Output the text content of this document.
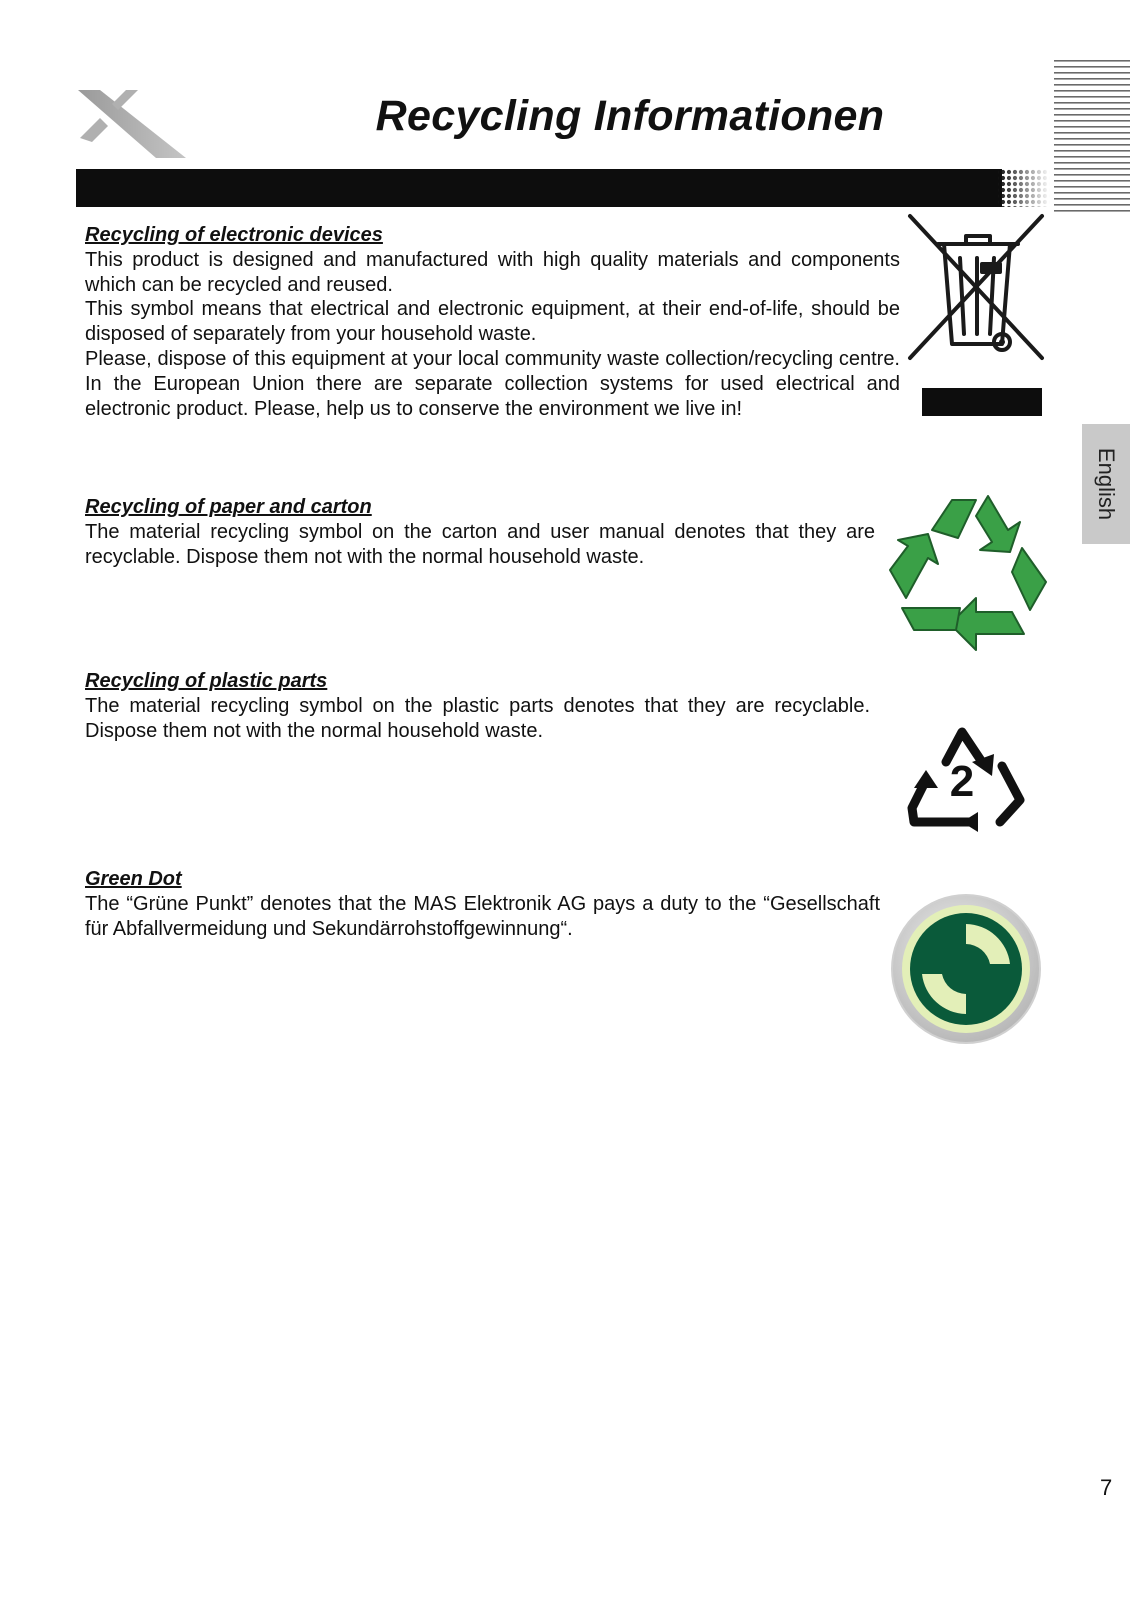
Recycling Informationen
English
Recycling of electronic devices

This product is designed and manufactured with high quality materials and components which can be recycled and reused.

This symbol means that electrical and electronic equipment, at their end-of-life, should be disposed of separately from your household waste.

Please, dispose of this equipment at your local community waste collection/recycling centre. In the European Union there are separate collection systems for used electrical and electronic product. Please, help us to conserve the environment we live in!

Recycling of paper and carton

The material recycling symbol on the carton and user manual denotes that they are recyclable. Dispose them not with the normal household waste.

Recycling of plastic parts

The material recycling symbol on the plastic parts denotes that they are recyclable. Dispose them not with the normal household waste.

2
Green Dot

The “Grüne Punkt” denotes that the MAS Elektronik AG pays a duty to the “Gesellschaft für Abfallvermeidung und Sekundärrohstoffgewinnung“.

7
